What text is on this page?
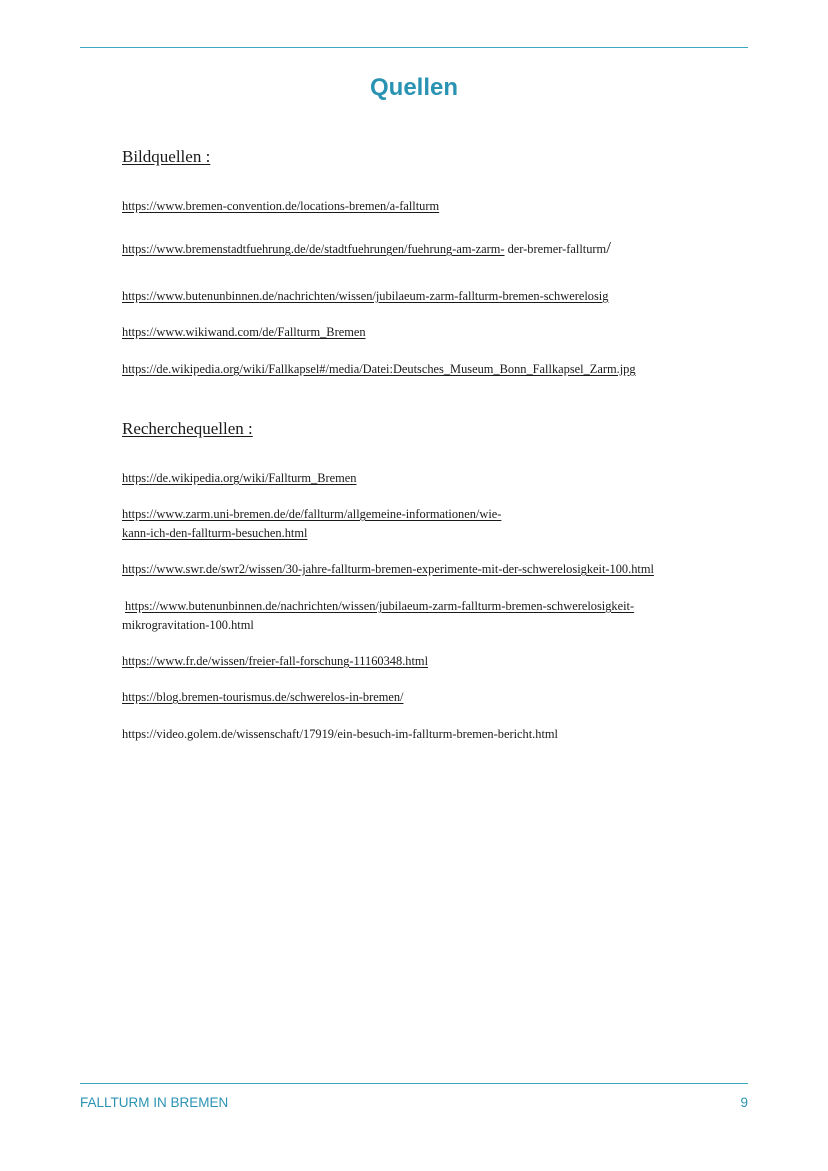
Quellen

Bildquellen :

https://www.bremen-convention.de/locations-bremen/a-fallturm

https://www.bremenstadtfuehrung.de/de/stadtfuehrungen/fuehrung-am-zarm- der-bremer-fallturm/

https://www.butenunbinnen.de/nachrichten/wissen/jubilaeum-zarm-fallturm-bremen-schwerelosig

https://www.wikiwand.com/de/Fallturm_Bremen

https://de.wikipedia.org/wiki/Fallkapsel#/media/Datei:Deutsches_Museum_Bonn_Fallkapsel_Zarm.jpg

Recherchequellen :

https://de.wikipedia.org/wiki/Fallturm_Bremen

https://www.zarm.uni-bremen.de/de/fallturm/allgemeine-informationen/wie-
kann-ich-den-fallturm-besuchen.html

https://www.swr.de/swr2/wissen/30-jahre-fallturm-bremen-experimente-mit-der-schwerelosigkeit-100.html

https://www.butenunbinnen.de/nachrichten/wissen/jubilaeum-zarm-fallturm-bremen-schwerelosigkeit-
mikrogravitation-100.html

https://www.fr.de/wissen/freier-fall-forschung-11160348.html

https://blog.bremen-tourismus.de/schwerelos-in-bremen/

https://video.golem.de/wissenschaft/17919/ein-besuch-im-fallturm-bremen-bericht.html

FALLTURM IN BREMEN	9
